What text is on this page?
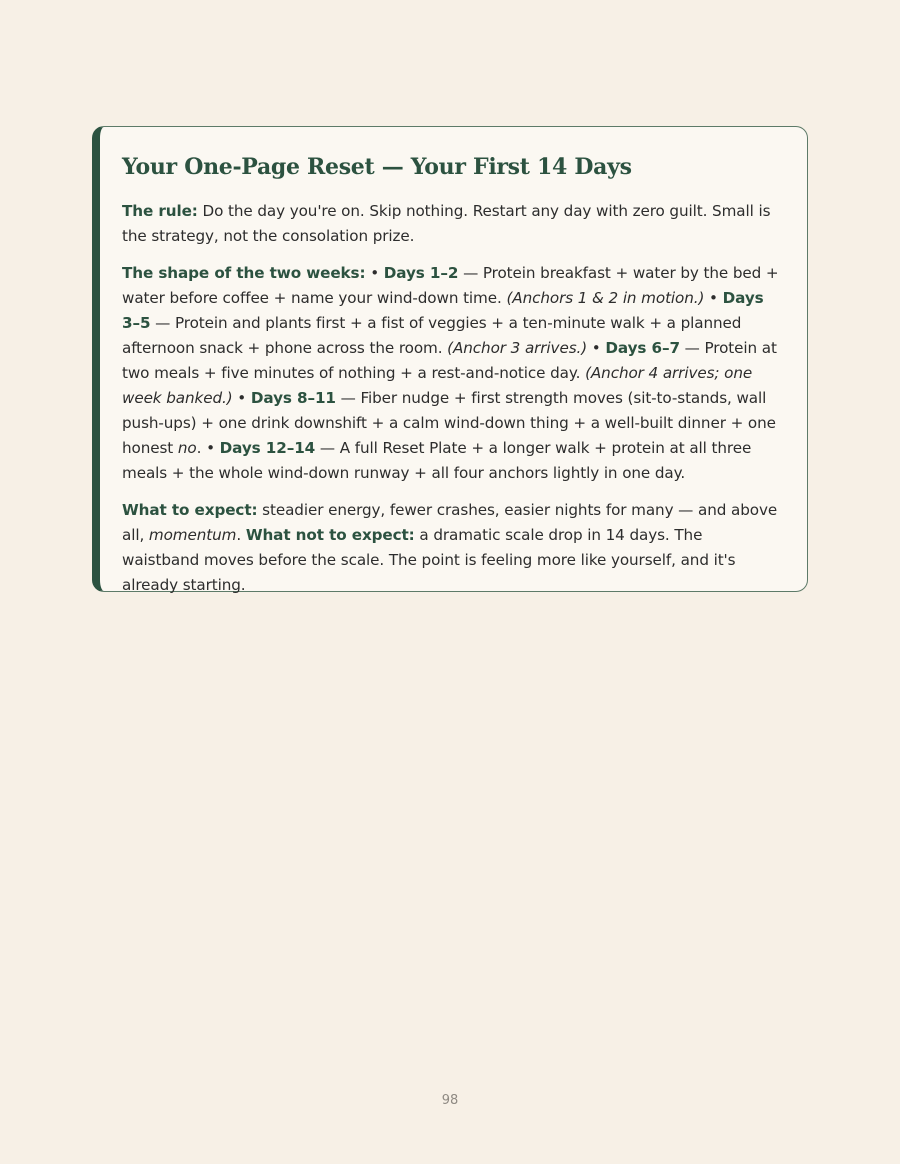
Your One-Page Reset — Your First 14 Days

The rule: Do the day you're on. Skip nothing. Restart any day with zero guilt. Small is the strategy, not the consolation prize.

The shape of the two weeks: • Days 1–2 — Protein breakfast + water by the bed + water before coffee + name your wind-down time. (Anchors 1 & 2 in motion.) • Days 3–5 — Protein and plants first + a fist of veggies + a ten-minute walk + a planned afternoon snack + phone across the room. (Anchor 3 arrives.) • Days 6–7 — Protein at two meals + five minutes of nothing + a rest-and-notice day. (Anchor 4 arrives; one week banked.) • Days 8–11 — Fiber nudge + first strength moves (sit-to-stands, wall push-ups) + one drink downshift + a calm wind-down thing + a well-built dinner + one honest no. • Days 12–14 — A full Reset Plate + a longer walk + protein at all three meals + the whole wind-down runway + all four anchors lightly in one day.

What to expect: steadier energy, fewer crashes, easier nights for many — and above all, momentum. What not to expect: a dramatic scale drop in 14 days. The waistband moves before the scale. The point is feeling more like yourself, and it's already starting.

98
